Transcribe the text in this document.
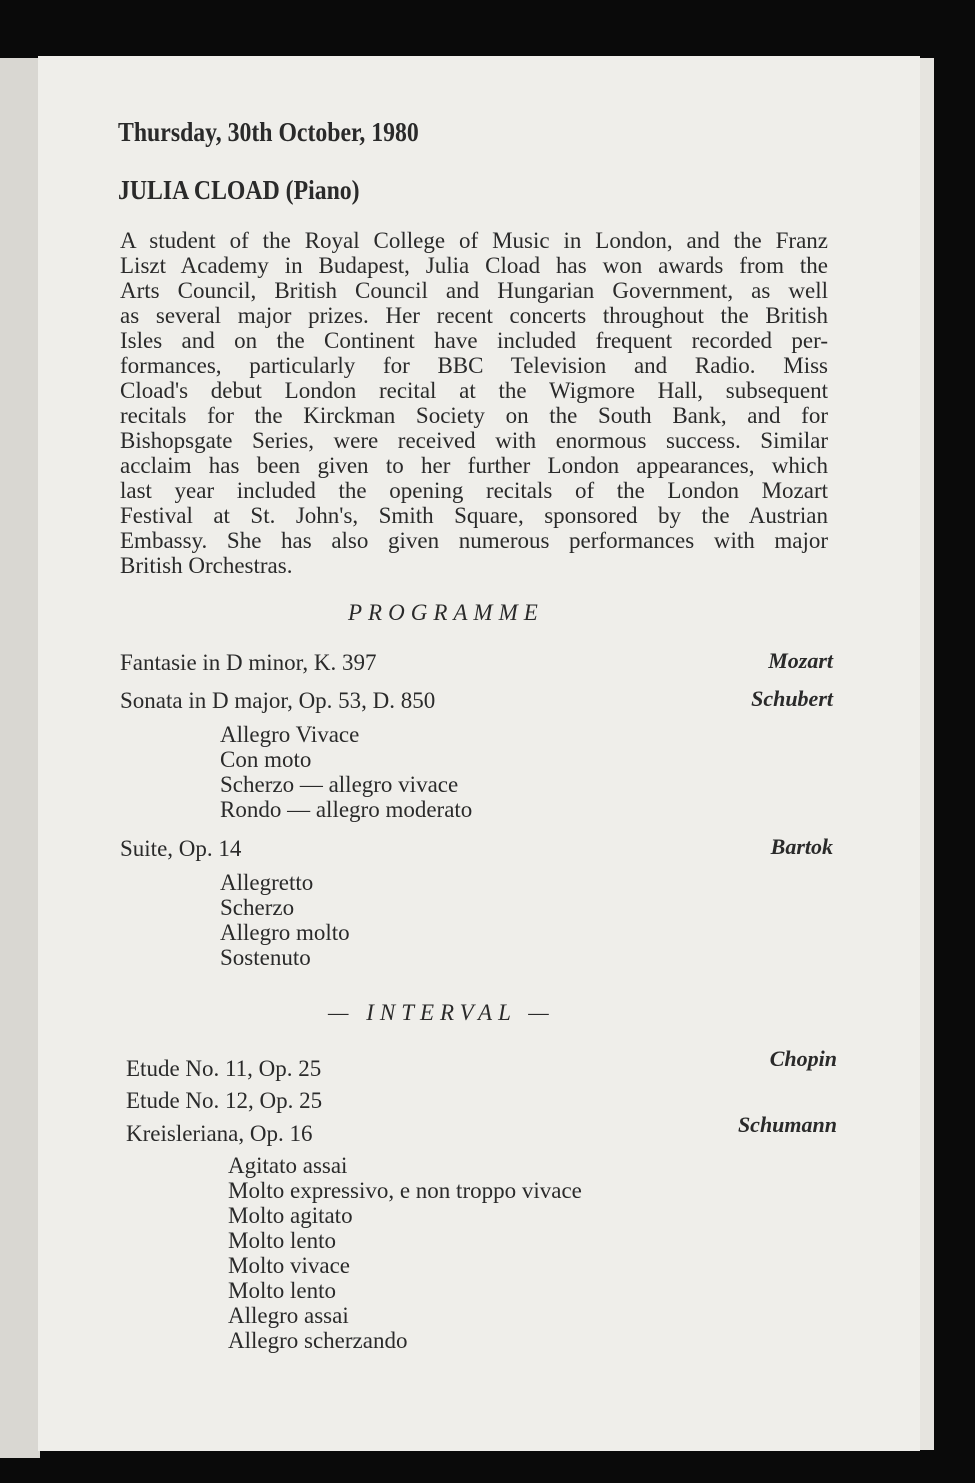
Thursday, 30th October, 1980
JULIA CLOAD (Piano)
A student of the Royal College of Music in London, and the Franz
Liszt Academy in Budapest, Julia Cload has won awards from the
Arts Council, British Council and Hungarian Government, as well
as several major prizes. Her recent concerts throughout the British
Isles and on the Continent have included frequent recorded per-
formances, particularly for BBC Television and Radio. Miss
Cload's debut London recital at the Wigmore Hall, subsequent
recitals for the Kirckman Society on the South Bank, and for
Bishopsgate Series, were received with enormous success. Similar
acclaim has been given to her further London appearances, which
last year included the opening recitals of the London Mozart
Festival at St. John's, Smith Square, sponsored by the Austrian
Embassy. She has also given numerous performances with major
British Orchestras.
PROGRAMME
Fantasie in D minor, K. 397	Mozart
Sonata in D major, Op. 53, D. 850	Schubert
Allegro Vivace
Con moto
Scherzo — allegro vivace
Rondo — allegro moderato
Suite, Op. 14	Bartok
Allegretto
Scherzo
Allegro molto
Sostenuto
— INTERVAL —
Etude No. 11, Op. 25	Chopin
Etude No. 12, Op. 25
Kreisleriana, Op. 16	Schumann
Agitato assai
Molto expressivo, e non troppo vivace
Molto agitato
Molto lento
Molto vivace
Molto lento
Allegro assai
Allegro scherzando
